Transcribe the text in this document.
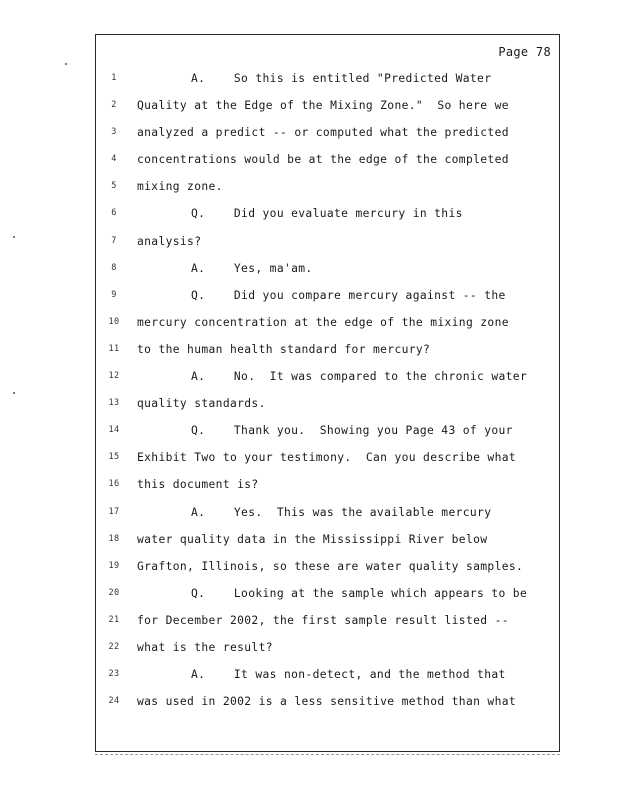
Page 78
1	A.    So this is entitled "Predicted Water
2	Quality at the Edge of the Mixing Zone."  So here we
3	analyzed a predict -- or computed what the predicted
4	concentrations would be at the edge of the completed
5	mixing zone.
6	Q.    Did you evaluate mercury in this
7	analysis?
8	A.    Yes, ma'am.
9	Q.    Did you compare mercury against -- the
10	mercury concentration at the edge of the mixing zone
11	to the human health standard for mercury?
12	A.    No.  It was compared to the chronic water
13	quality standards.
14	Q.    Thank you.  Showing you Page 43 of your
15	Exhibit Two to your testimony.  Can you describe what
16	this document is?
17	A.    Yes.  This was the available mercury
18	water quality data in the Mississippi River below
19	Grafton, Illinois, so these are water quality samples.
20	Q.    Looking at the sample which appears to be
21	for December 2002, the first sample result listed --
22	what is the result?
23	A.    It was non-detect, and the method that
24	was used in 2002 is a less sensitive method than what
